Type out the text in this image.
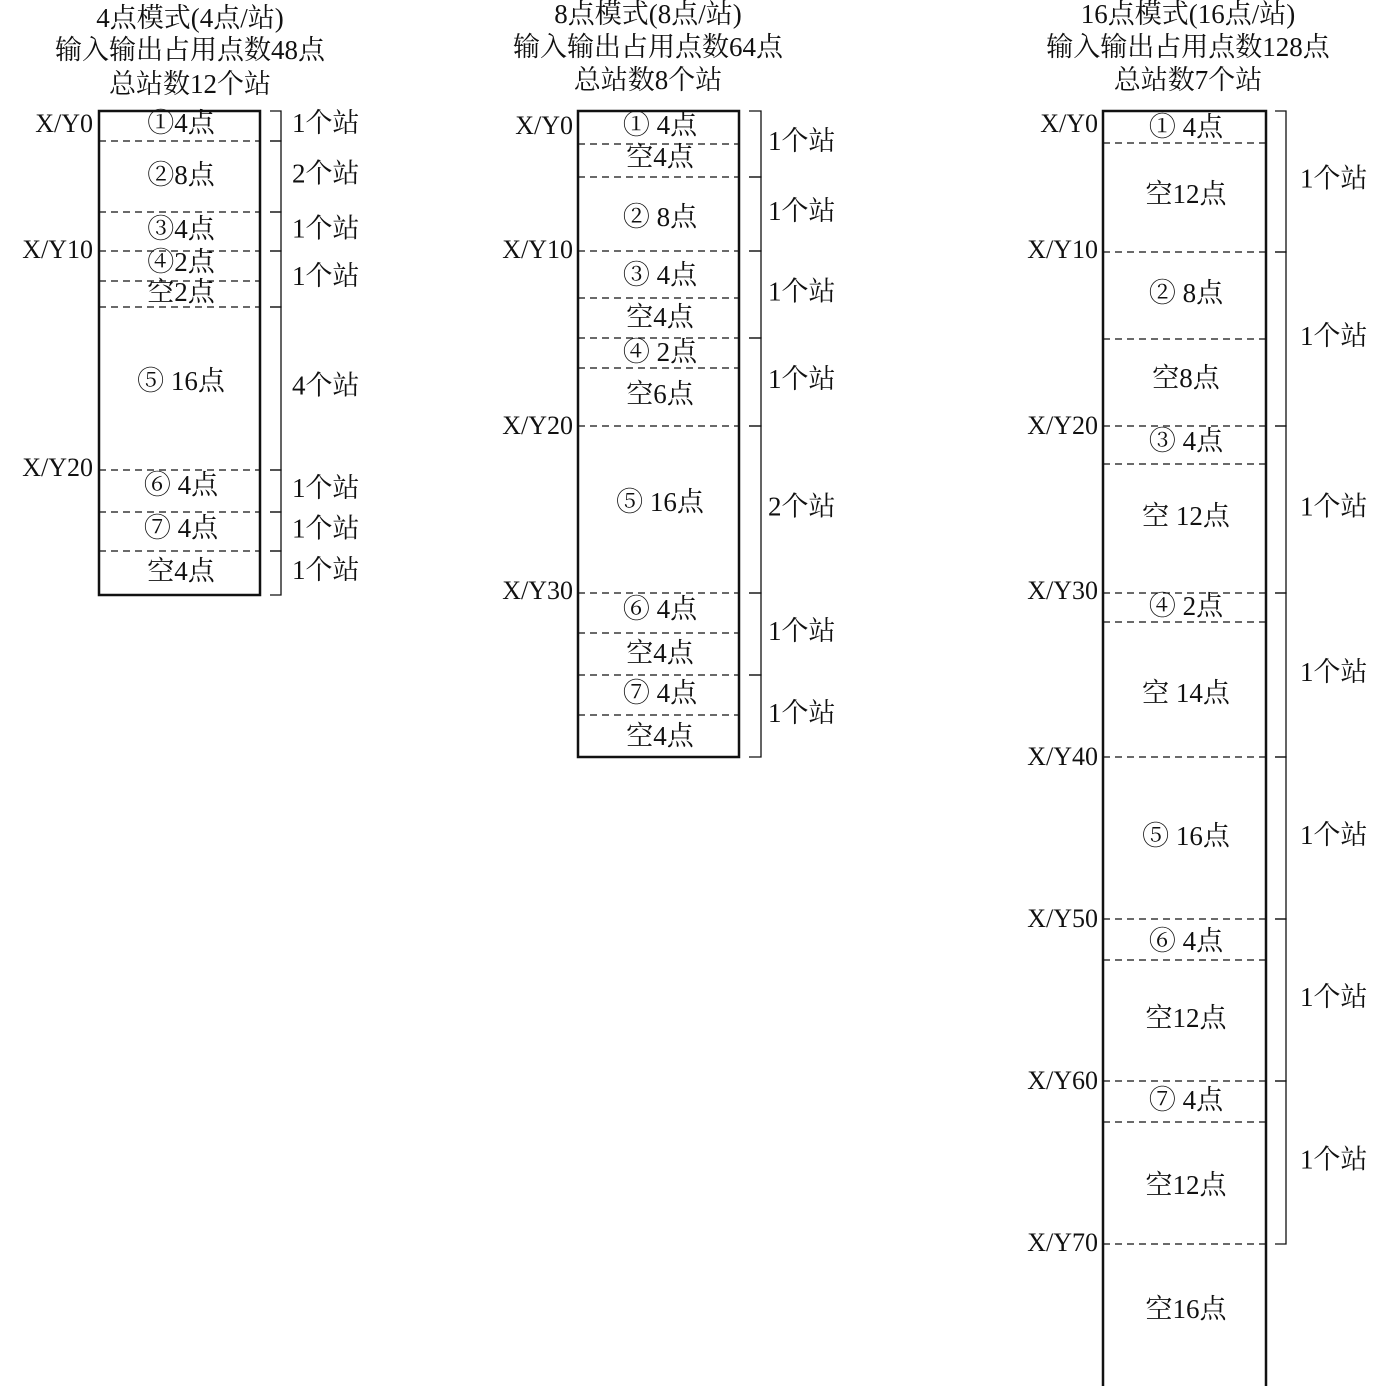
4点模式(4点/站)
输入输出占用点数48点
总站数12个站
X/Y0
X/Y10
X/Y20
①4点
②8点
③4点
④2点
空2点
⑤ 16点
⑥ 4点
⑦ 4点
空4点
1个站
2个站
1个站
1个站
4个站
1个站
1个站
1个站
8点模式(8点/站)
输入输出占用点数64点
总站数8个站
X/Y0
X/Y10
X/Y20
X/Y30
① 4点
空4点
② 8点
③ 4点
空4点
④ 2点
空6点
⑤ 16点
⑥ 4点
空4点
⑦ 4点
空4点
1个站
1个站
1个站
1个站
2个站
1个站
1个站
16点模式(16点/站)
输入输出占用点数128点
总站数7个站
X/Y0
X/Y10
X/Y20
X/Y30
X/Y40
X/Y50
X/Y60
X/Y70
① 4点
空12点
② 8点
空8点
③ 4点
空 12点
④ 2点
空 14点
⑤ 16点
⑥ 4点
空12点
⑦ 4点
空12点
空16点
1个站
1个站
1个站
1个站
1个站
1个站
1个站
